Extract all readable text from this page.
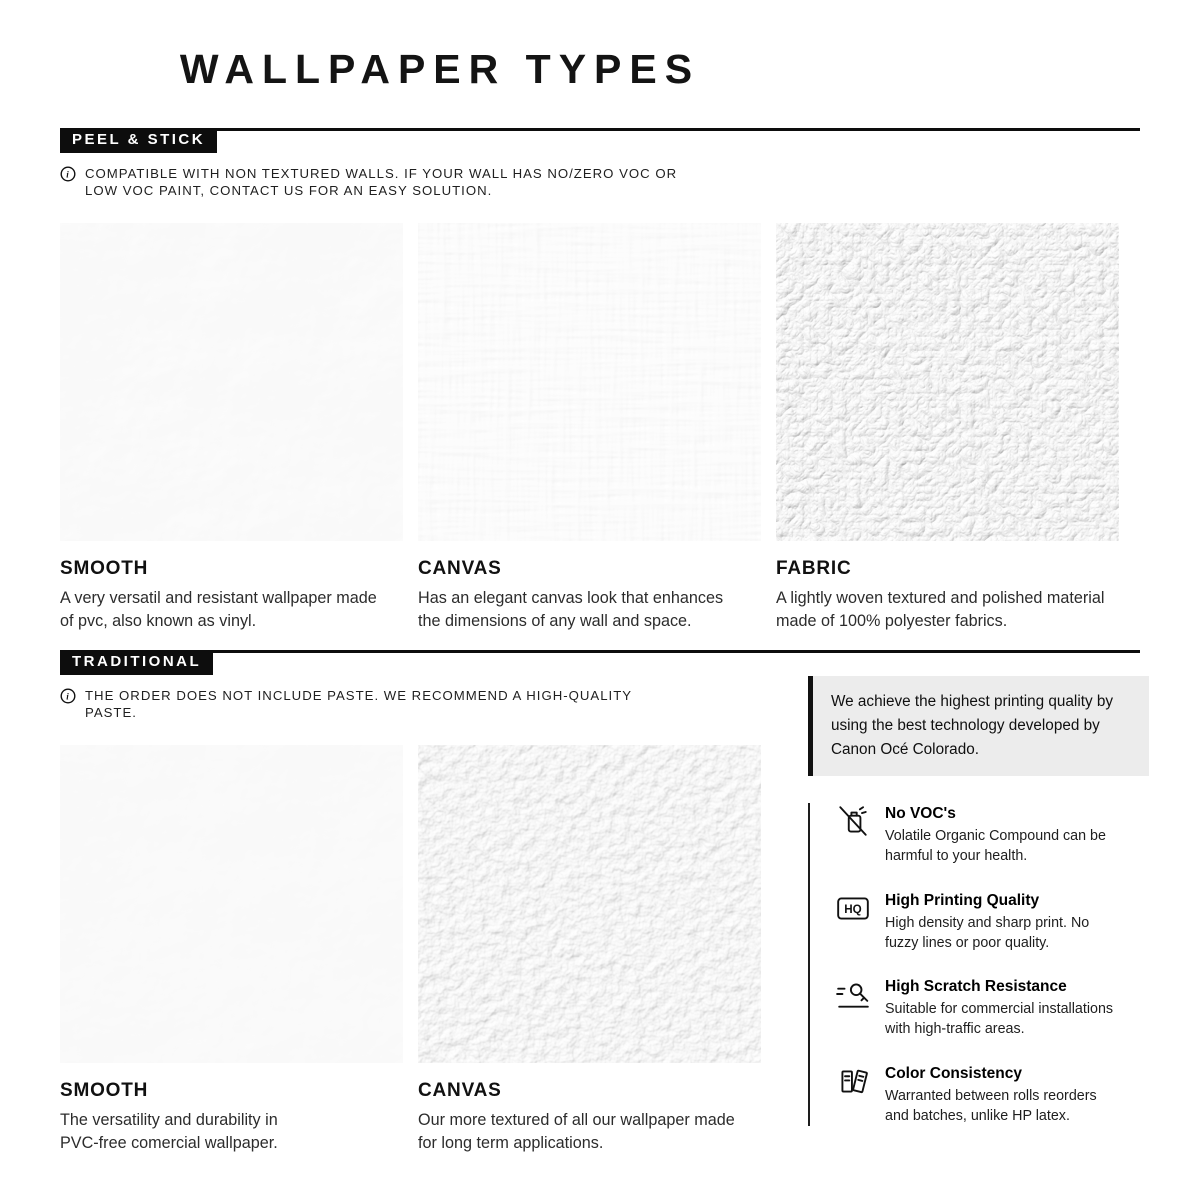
WALLPAPER TYPES
PEEL & STICK
i COMPATIBLE WITH NON TEXTURED WALLS. IF YOUR WALL HAS NO/ZERO VOC OR LOW VOC PAINT, CONTACT US FOR AN EASY SOLUTION.
SMOOTH

A very versatil and resistant wallpaper made of pvc, also known as vinyl.

CANVAS

Has an elegant canvas look that enhances the dimensions of any wall and space.

FABRIC

A lightly woven textured and polished material made of 100% polyester fabrics.

TRADITIONAL
i THE ORDER DOES NOT INCLUDE PASTE. WE RECOMMEND A HIGH-QUALITY PASTE.
SMOOTH

The versatility and durability in PVC-free comercial wallpaper.

CANVAS

Our more textured of all our wallpaper made for long term applications.

We achieve the highest printing quality by using the best technology developed by Canon Océ Colorado.
No VOC's

Volatile Organic Compound can be harmful to your health.

HQ
High Printing Quality

High density and sharp print. No fuzzy lines or poor quality.

High Scratch Resistance

Suitable for commercial installations with high-traffic areas.

Color Consistency

Warranted between rolls reorders and batches, unlike HP latex.
